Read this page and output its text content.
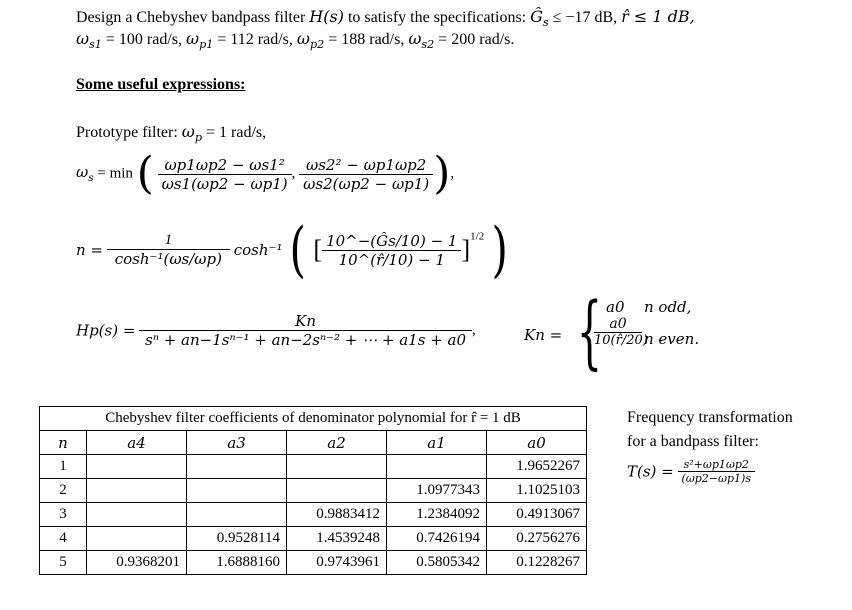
Design a Chebyshev bandpass filter H(s) to satisfy the specifications: $Ĝ_s \le -17$ dB, r̂ ≤ 1 dB,
$\omega_{s1} = 100$ rad/s, $\omega_{p1} = 112$ rad/s, $\omega_{p2} = 188$ rad/s, $\omega_{s2} = 200$ rad/s.
Some useful expressions:
Prototype filter: $\omega_p = 1$ rad/s,
$\omega_s = \min$ ( $\frac{\text{ωp1ωp2 − ωs1²}}{\omega s1(\omega p2 - \omega p1)}$ , $\frac{\text{ωs2² − ωp1ωp2}}{\omega s2(\omega p2 - \omega p1)}$ ),
$n = \frac{1}{\text{cosh⁻¹(ωs/ωp)}} \cosh^{-1}$ ( [ $\frac{10\^{}-(Ĝs/10) - 1}{10\^{}(r̂/10) - 1} ]^{1/2}$ )
$Hp(s) = \frac{Kn}{\text{sⁿ + an−1sⁿ⁻¹ + an−2sⁿ⁻² + ⋯ + a1s + a0}}$ ,	Kn = { a0 n odd,
$\frac{a0}{10(r̂/20)}$ n even.
Chebyshev filter coefficients of denominator polynomial for r̂ = 1 dB					
n	a4	a3	a2	a1	a0
1					1.9652267
2				1.0977343	1.1025103
3			0.9883412	1.2384092	0.4913067
4		0.9528114	1.4539248	0.7426194	0.2756276
5	0.9368201	1.6888160	0.9743961	0.5805342	0.1228267
Frequency transformation
for a bandpass filter:
$T(s) = \frac{\text{s²+ωp1ωp2}}{(\omega p2-\omega p1)s}$
